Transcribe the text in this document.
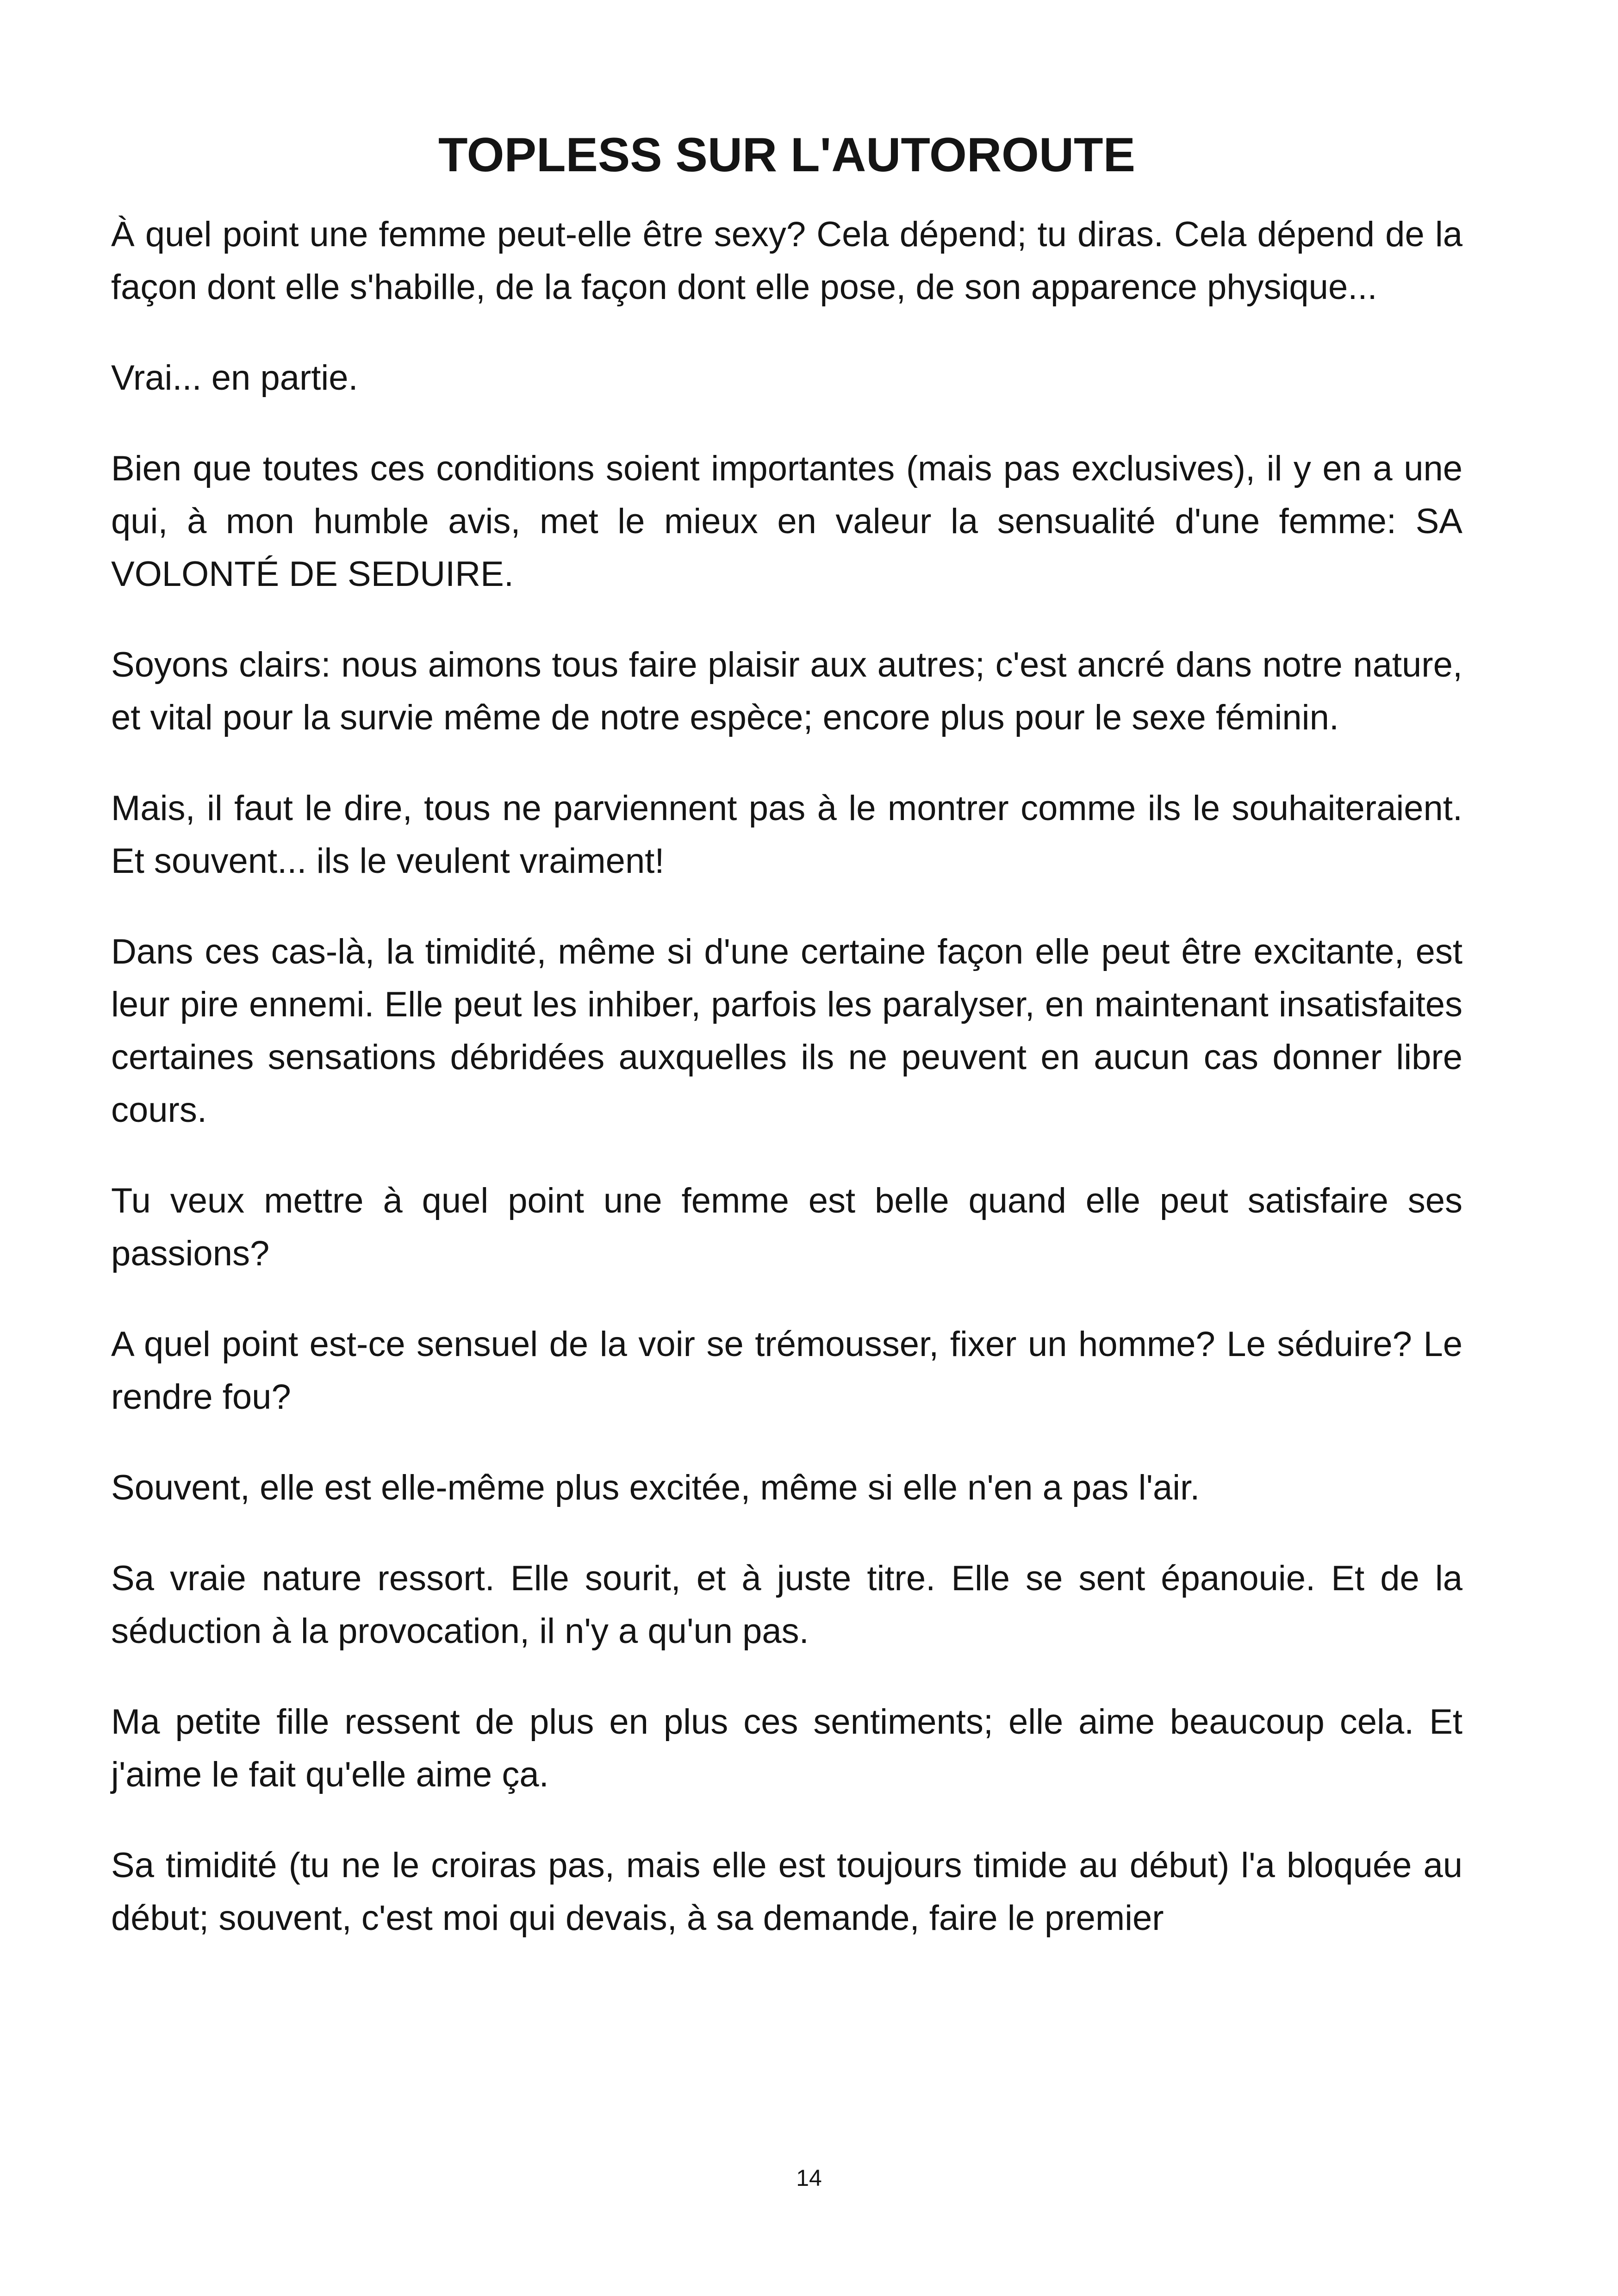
TOPLESS SUR L'AUTOROUTE

À quel point une femme peut-elle être sexy? Cela dépend; tu diras. Cela dépend de la façon dont elle s'habille, de la façon dont elle pose, de son apparence physique...

Vrai... en partie.

Bien que toutes ces conditions soient importantes (mais pas exclusives), il y en a une qui, à mon humble avis, met le mieux en valeur la sensualité d'une femme: SA VOLONTÉ DE SEDUIRE.

Soyons clairs: nous aimons tous faire plaisir aux autres; c'est ancré dans notre nature, et vital pour la survie même de notre espèce; encore plus pour le sexe féminin.

Mais, il faut le dire, tous ne parviennent pas à le montrer comme ils le souhaiteraient. Et souvent... ils le veulent vraiment!

Dans ces cas-là, la timidité, même si d'une certaine façon elle peut être excitante, est leur pire ennemi. Elle peut les inhiber, parfois les paralyser, en maintenant insatisfaites certaines sensations débridées auxquelles ils ne peuvent en aucun cas donner libre cours.

Tu veux mettre à quel point une femme est belle quand elle peut satisfaire ses passions?

A quel point est-ce sensuel de la voir se trémousser, fixer un homme? Le séduire? Le rendre fou?

Souvent, elle est elle-même plus excitée, même si elle n'en a pas l'air.

Sa vraie nature ressort. Elle sourit, et à juste titre. Elle se sent épanouie. Et de la séduction à la provocation, il n'y a qu'un pas.

Ma petite fille ressent de plus en plus ces sentiments; elle aime beaucoup cela. Et j'aime le fait qu'elle aime ça.

Sa timidité (tu ne le croiras pas, mais elle est toujours timide au début) l'a bloquée au début; souvent, c'est moi qui devais, à sa demande, faire le premier

14
